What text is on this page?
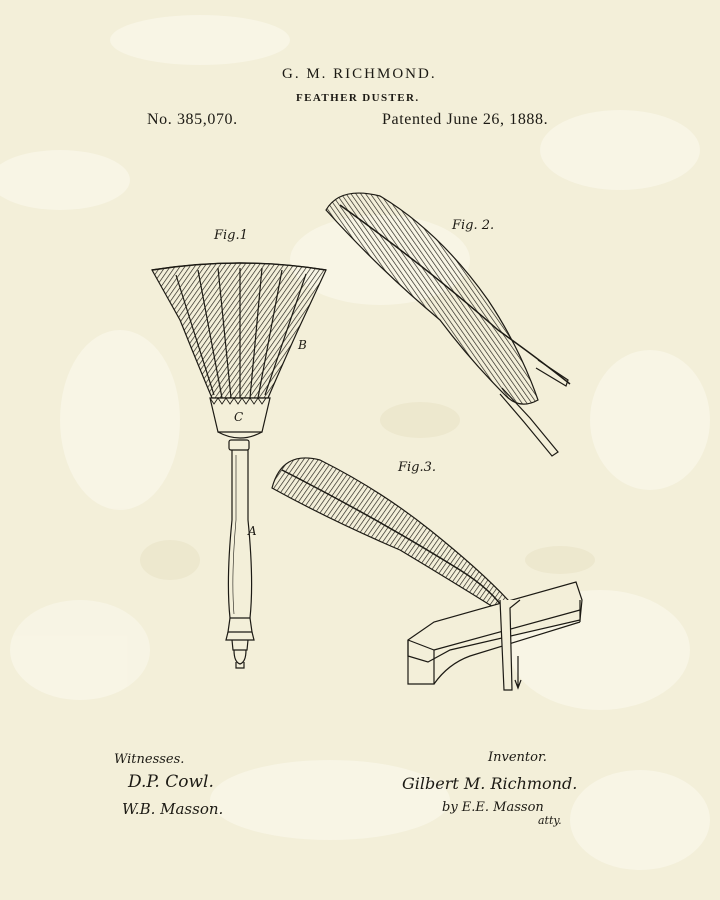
G. M. RICHMOND.
FEATHER DUSTER.
No. 385,070.	Patented June 26, 1888.
Fig.1
Fig. 2.
Fig.3.
B
C
A
Witnesses.
D.P. Cowl.
W.B. Masson.
Inventor.
Gilbert M. Richmond.
by E.E. Masson
atty.
